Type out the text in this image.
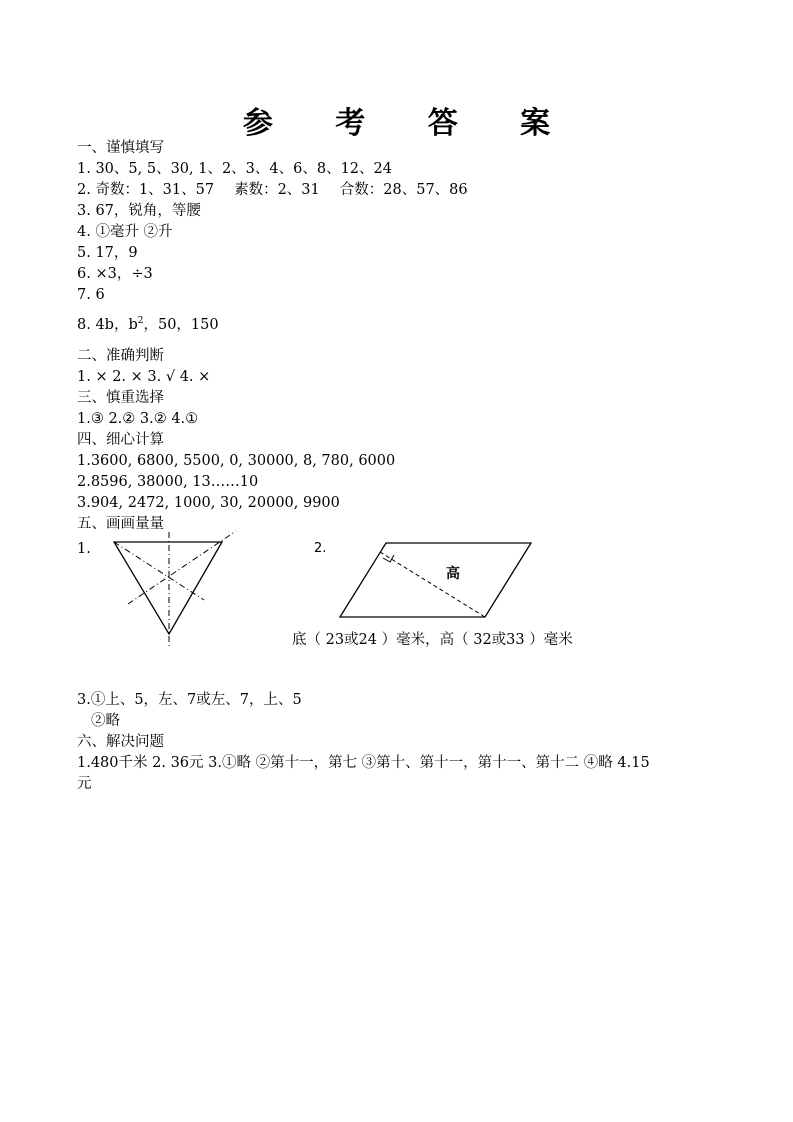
参 考 答 案
一、谨慎填写
1. 30、5, 5、30, 1、2、3、4、6、8、12、24
2. 奇数：1、31、57 素数：2、31 合数：28、57、86
3. 67，锐角，等腰
4. ①毫升 ②升
5. 17，9
6. ×3，÷3
7. 6
8. 4b，$b^2$，50，150
二、准确判断
1. × 2. × 3. √ 4. ×
三、慎重选择
1.③ 2.② 3.② 4.①
四、细心计算
1.3600, 6800, 5500, 0, 30000, 8, 780, 6000
2.8596, 38000, 13……10
3.904, 2472, 1000, 30, 20000, 9900
五、画画量量
1.	2.
高
底（ 23或24 ）毫米，高（ 32或33 ）毫米
3.①上、5，左、7或左、7，上、5
②略
六、解决问题
1.480千米 2. 36元 3.①略 ②第十一，第七 ③第十、第十一，第十一、第十二 ④略 4.15
元
